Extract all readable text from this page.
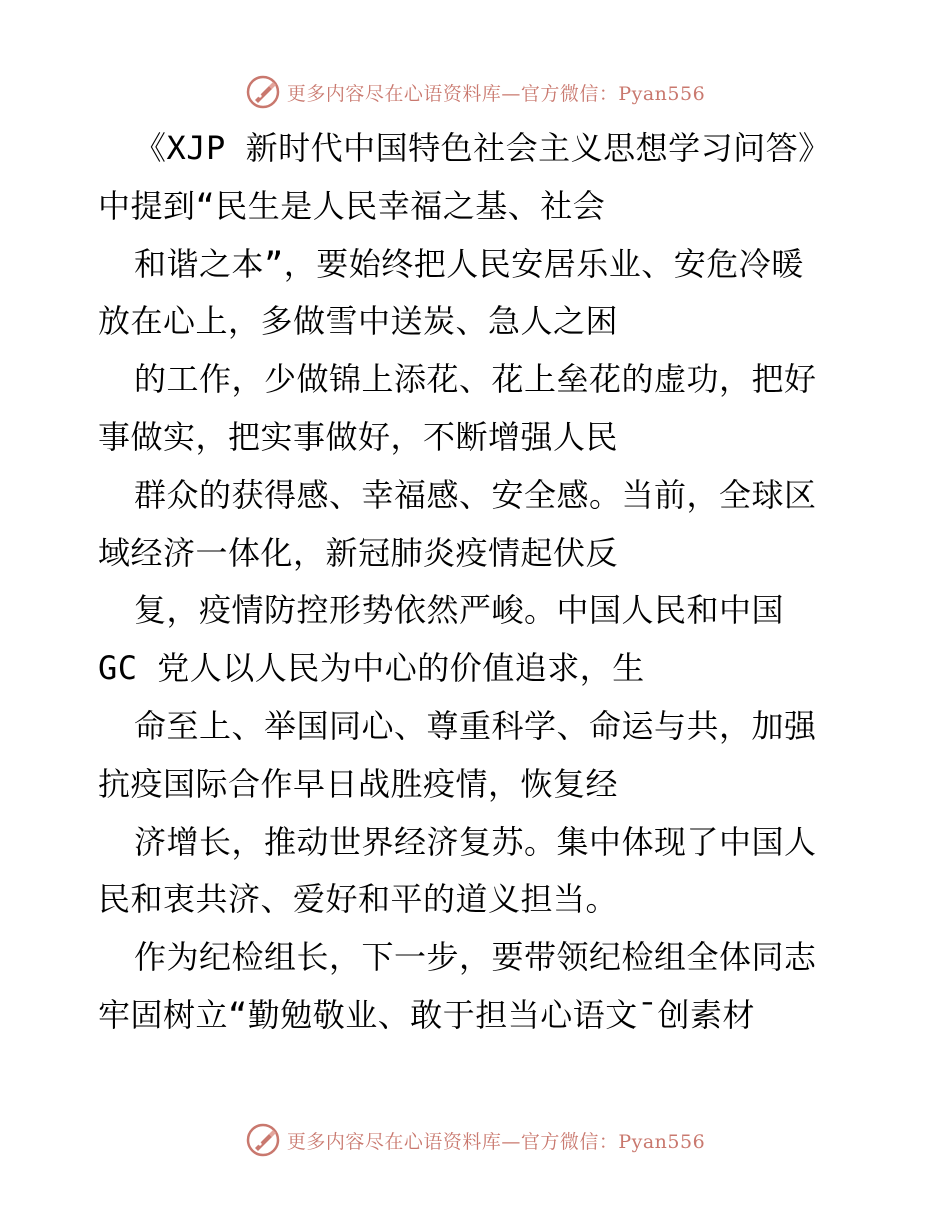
更多内容尽在心语资料库—官方微信：Pyan556
《XJP 新时代中国特色社会主义思想学习问答》
中提到“民生是人民幸福之基、社会
和谐之本”，要始终把人民安居乐业、安危冷暖
放在心上，多做雪中送炭、急人之困
的工作，少做锦上添花、花上垒花的虚功，把好
事做实，把实事做好，不断增强人民
群众的获得感、幸福感、安全感。当前，全球区
域经济一体化，新冠肺炎疫情起伏反
复，疫情防控形势依然严峻。中国人民和中国
GC 党人以人民为中心的价值追求，生
命至上、举国同心、尊重科学、命运与共，加强
抗疫国际合作早日战胜疫情，恢复经
济增长，推动世界经济复苏。集中体现了中国人
民和衷共济、爱好和平的道义担当。
作为纪检组长，下一步，要带领纪检组全体同志
牢固树立“勤勉敬业、敢于担当心语文¯创素材
更多内容尽在心语资料库—官方微信：Pyan556
